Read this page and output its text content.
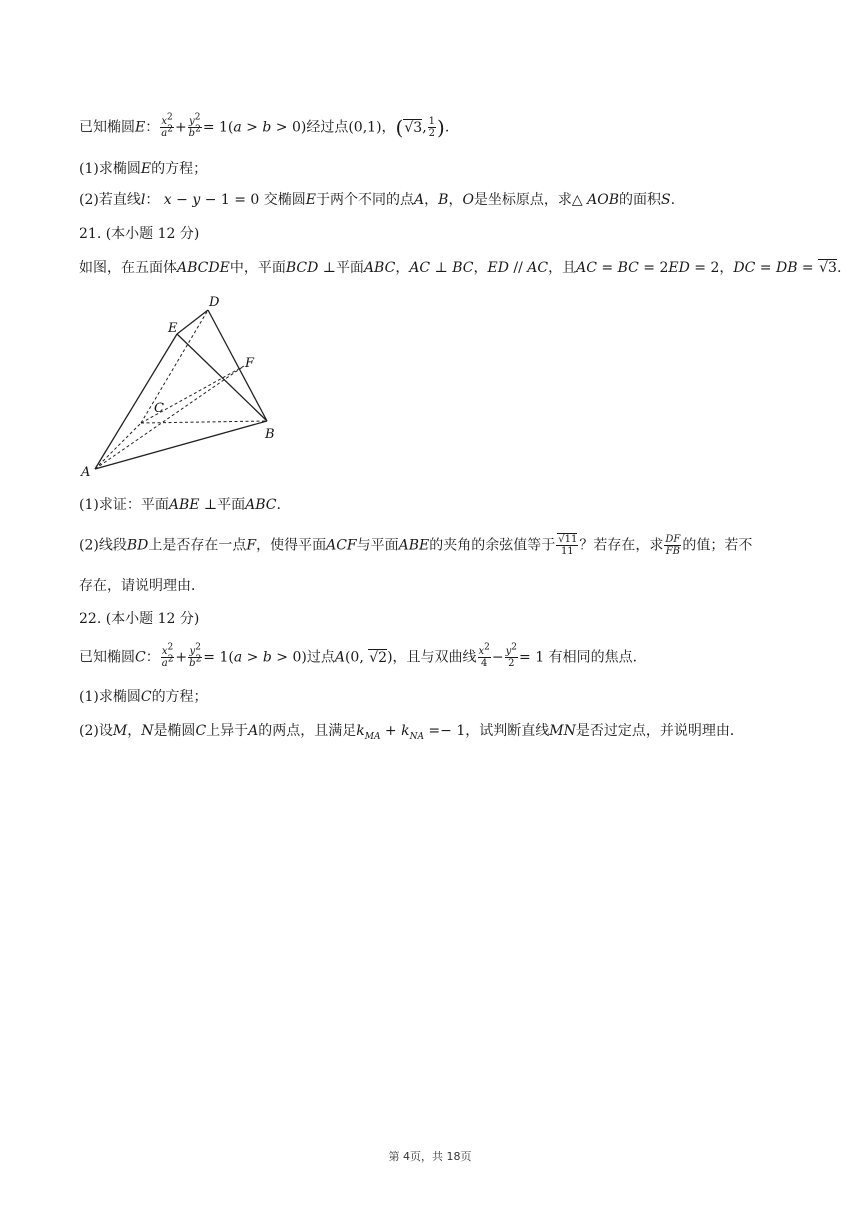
已知椭圆E： $\frac{x^2}{a^2} + \frac{y^2}{b^2} = 1(a > b > 0)$经过点(0,1)，(√3, $\frac{1}{2}$ ).
(1)求椭圆E的方程；
(2)若直线l： x − y − 1 = 0 交椭圆E于两个不同的点A，B，O是坐标原点，求△ AOB的面积S.
21. (本小题 12 分)
如图，在五面体ABCDE中，平面BCD ⊥平面ABC，AC ⊥ BC，ED // AC，且AC = BC = 2ED = 2，DC = DB = √3.
D
E
F
C
B
A
(1)求证：平面ABE ⊥平面ABC.
(2)线段BD上是否存在一点F，使得平面ACF与平面ABE的夹角的余弦值等于 $\frac{√11}{11}$ ？若存在，求 $\frac{DF}{FB}$ 的值；若不
存在，请说明理由．
22. (本小题 12 分)
已知椭圆C： $\frac{x^2}{a^2} + \frac{y^2}{b^2} = 1(a > b > 0)$过点A(0, √2)，且与双曲线 $\frac{x^2}{4} - \frac{y^2}{2} = 1$ 有相同的焦点．
(1)求椭圆C的方程；
(2)设M，N是椭圆C上异于A的两点，且满足$k_{MA} + k_{NA} =- 1$，试判断直线MN是否过定点，并说明理由．
第 4页，共 18页
